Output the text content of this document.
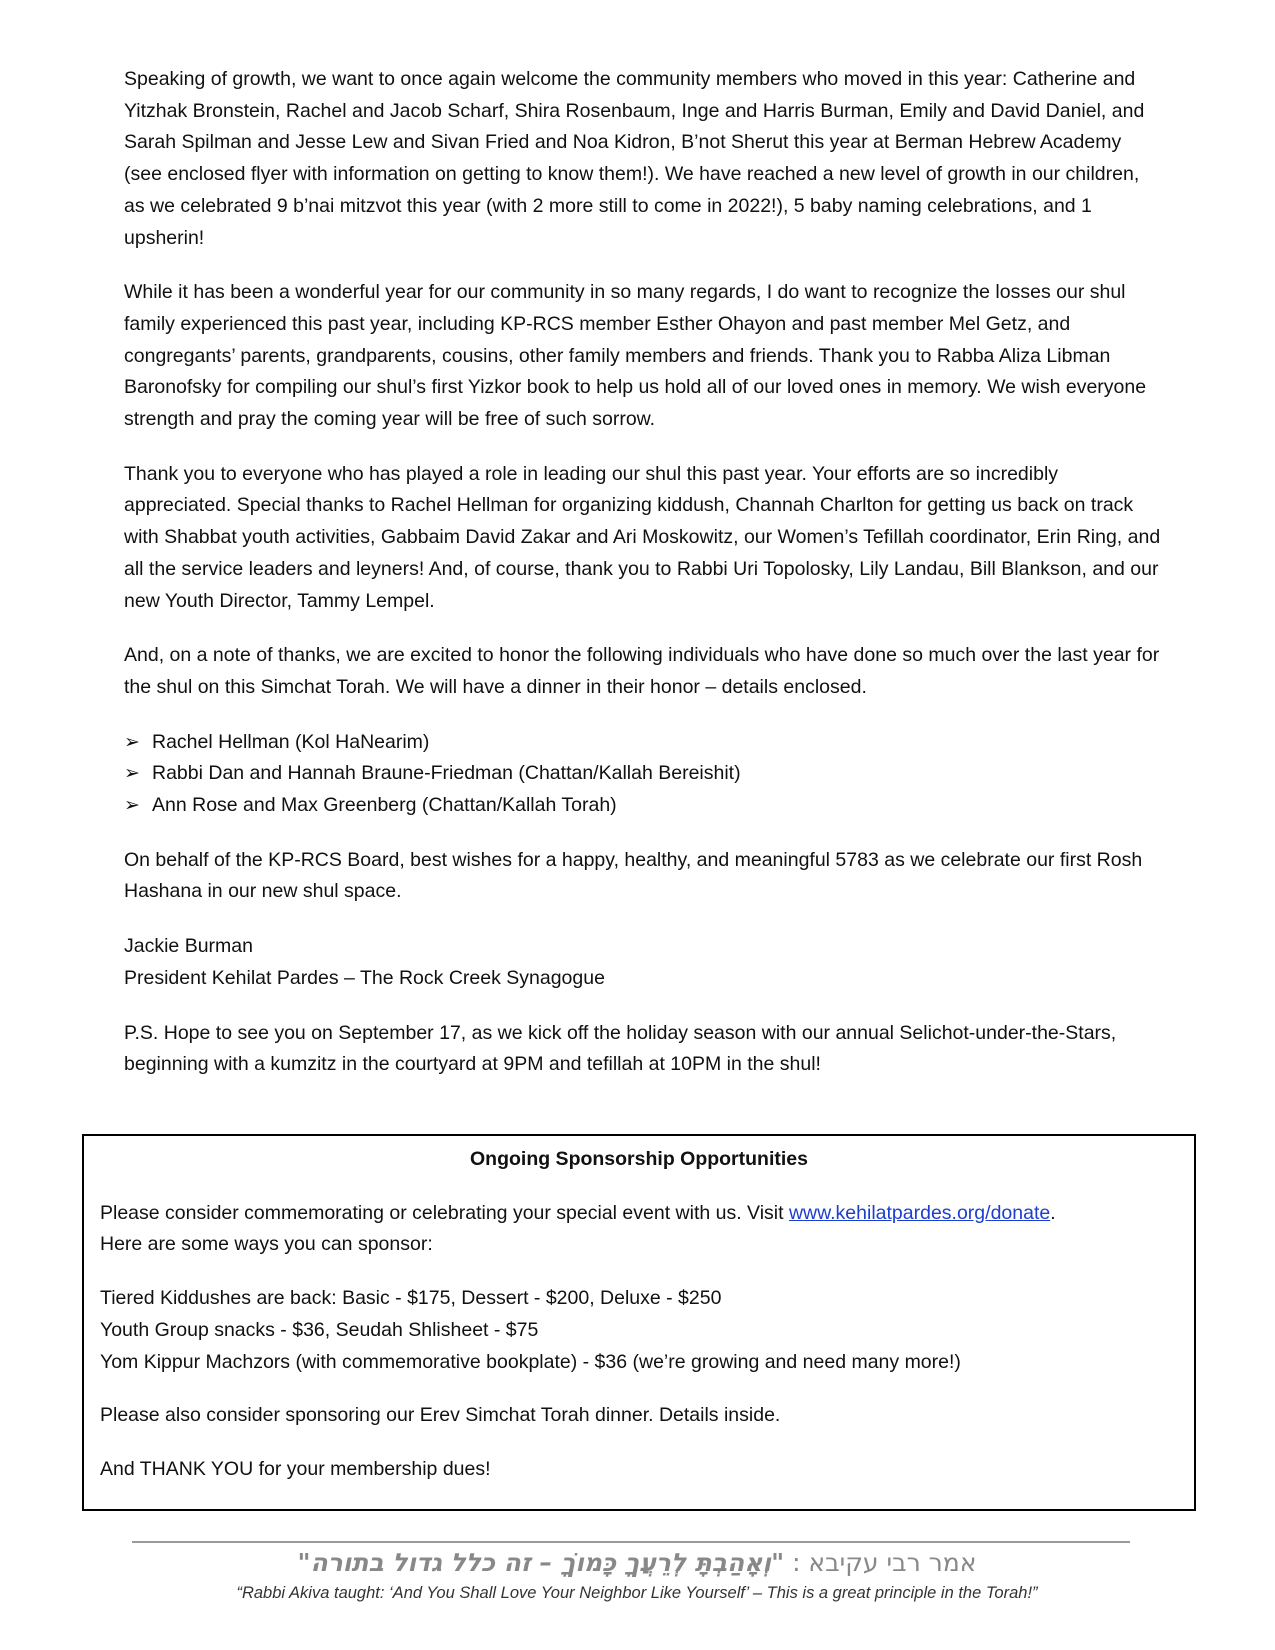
Speaking of growth, we want to once again welcome the community members who moved in this year: Catherine and Yitzhak Bronstein, Rachel and Jacob Scharf, Shira Rosenbaum, Inge and Harris Burman, Emily and David Daniel, and Sarah Spilman and Jesse Lew and Sivan Fried and Noa Kidron, B’not Sherut this year at Berman Hebrew Academy (see enclosed flyer with information on getting to know them!). We have reached a new level of growth in our children, as we celebrated 9 b’nai mitzvot this year (with 2 more still to come in 2022!), 5 baby naming celebrations, and 1 upsherin!

While it has been a wonderful year for our community in so many regards, I do want to recognize the losses our shul family experienced this past year, including KP-RCS member Esther Ohayon and past member Mel Getz, and congregants’ parents, grandparents, cousins, other family members and friends. Thank you to Rabba Aliza Libman Baronofsky for compiling our shul’s first Yizkor book to help us hold all of our loved ones in memory. We wish everyone strength and pray the coming year will be free of such sorrow.

Thank you to everyone who has played a role in leading our shul this past year. Your efforts are so incredibly appreciated. Special thanks to Rachel Hellman for organizing kiddush, Channah Charlton for getting us back on track with Shabbat youth activities, Gabbaim David Zakar and Ari Moskowitz, our Women’s Tefillah coordinator, Erin Ring, and all the service leaders and leyners! And, of course, thank you to Rabbi Uri Topolosky, Lily Landau, Bill Blankson, and our new Youth Director, Tammy Lempel.

And, on a note of thanks, we are excited to honor the following individuals who have done so much over the last year for the shul on this Simchat Torah. We will have a dinner in their honor – details enclosed.

➢ Rachel Hellman (Kol HaNearim)
➢ Rabbi Dan and Hannah Braune-Friedman (Chattan/Kallah Bereishit)
➢ Ann Rose and Max Greenberg (Chattan/Kallah Torah)

On behalf of the KP-RCS Board, best wishes for a happy, healthy, and meaningful 5783 as we celebrate our first Rosh Hashana in our new shul space.

Jackie Burman
President Kehilat Pardes – The Rock Creek Synagogue

P.S. Hope to see you on September 17, as we kick off the holiday season with our annual Selichot-under-the-Stars, beginning with a kumzitz in the courtyard at 9PM and tefillah at 10PM in the shul!

Ongoing Sponsorship Opportunities

Please consider commemorating or celebrating your special event with us. Visit www.kehilatpardes.org/donate.
Here are some ways you can sponsor:

Tiered Kiddushes are back: Basic - $175, Dessert - $200, Deluxe - $250
Youth Group snacks - $36, Seudah Shlisheet - $75
Yom Kippur Machzors (with commemorative bookplate) - $36 (we’re growing and need many more!)

Please also consider sponsoring our Erev Simchat Torah dinner. Details inside.

And THANK YOU for your membership dues!

אמר רבי עקיבא : "וְאָהַבְתָּ לְרֵעֲךָ כָּמוֹךָ – זה כלל גדול בתורה"
“Rabbi Akiva taught: ‘And You Shall Love Your Neighbor Like Yourself’ – This is a great principle in the Torah!”
